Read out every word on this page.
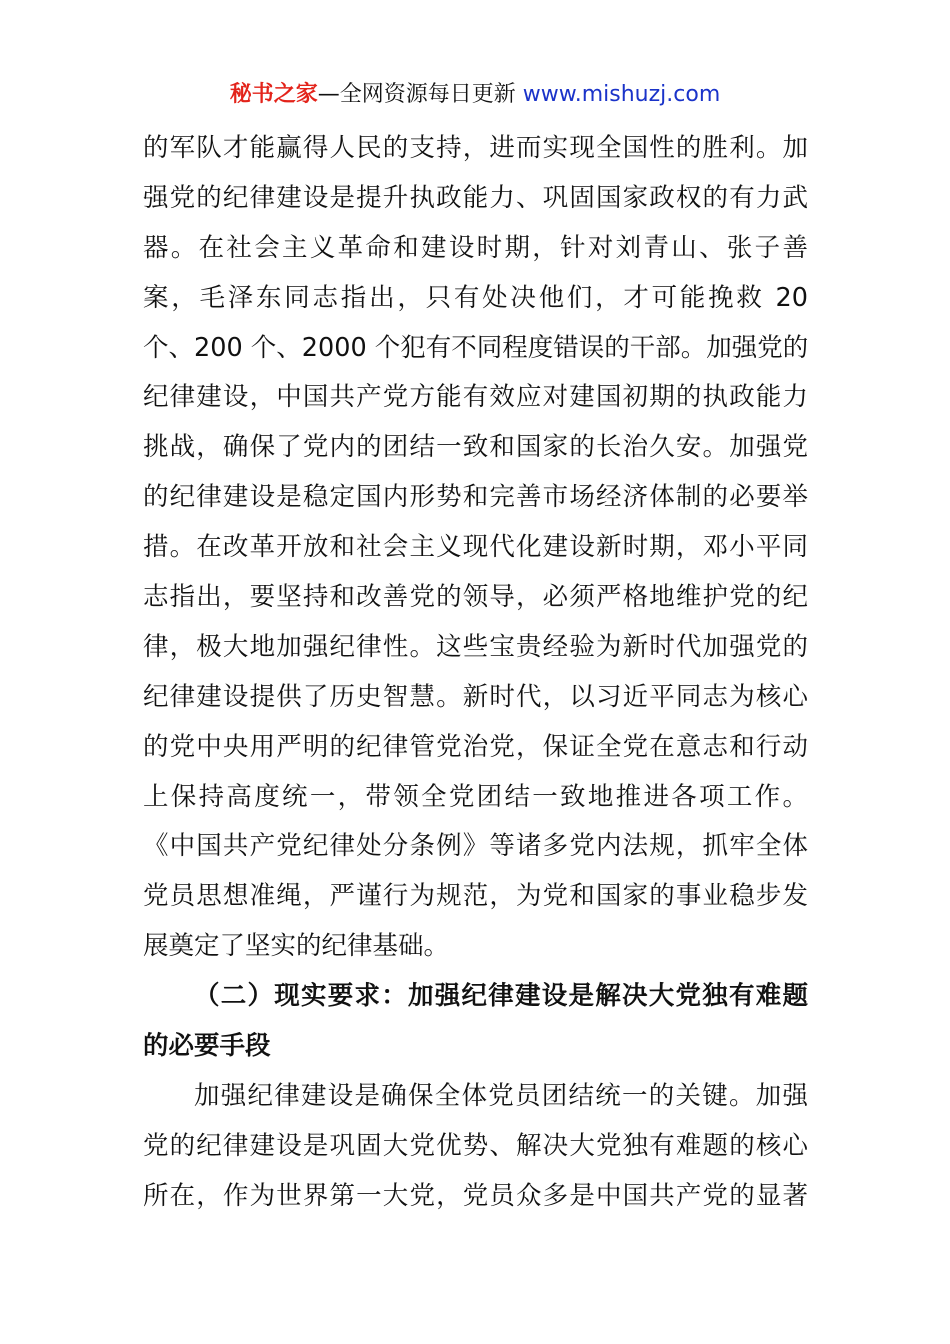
秘书之家—全网资源每日更新 www.mishuzj.com
的军队才能赢得人民的支持，进而实现全国性的胜利。加
强党的纪律建设是提升执政能力、巩固国家政权的有力武
器。在社会主义革命和建设时期，针对刘青山、张子善
案，毛泽东同志指出，只有处决他们，才可能挽救 20
个、200 个、2000 个犯有不同程度错误的干部。加强党的
纪律建设，中国共产党方能有效应对建国初期的执政能力
挑战，确保了党内的团结一致和国家的长治久安。加强党
的纪律建设是稳定国内形势和完善市场经济体制的必要举
措。在改革开放和社会主义现代化建设新时期，邓小平同
志指出，要坚持和改善党的领导，必须严格地维护党的纪
律，极大地加强纪律性。这些宝贵经验为新时代加强党的
纪律建设提供了历史智慧。新时代，以习近平同志为核心
的党中央用严明的纪律管党治党，保证全党在意志和行动
上保持高度统一，带领全党团结一致地推进各项工作。
《中国共产党纪律处分条例》等诸多党内法规，抓牢全体
党员思想准绳，严谨行为规范，为党和国家的事业稳步发
展奠定了坚实的纪律基础。
（二）现实要求：加强纪律建设是解决大党独有难题
的必要手段
加强纪律建设是确保全体党员团结统一的关键。加强
党的纪律建设是巩固大党优势、解决大党独有难题的核心
所在，作为世界第一大党，党员众多是中国共产党的显著
